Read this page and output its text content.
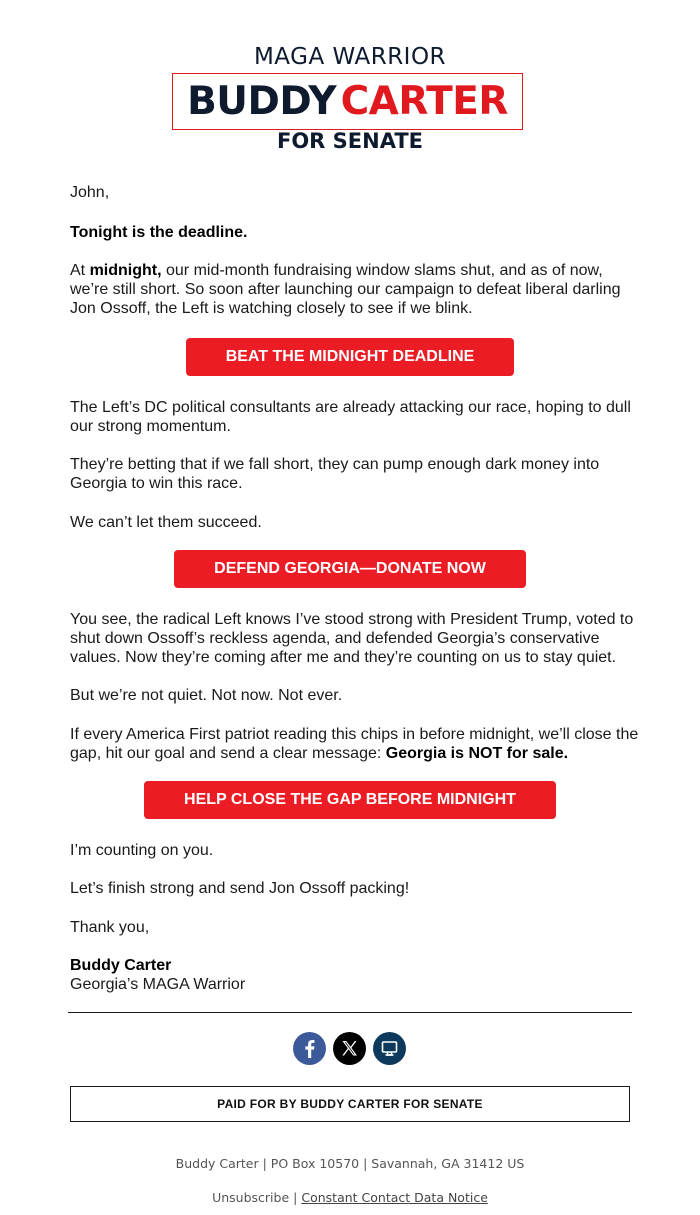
MAGA WARRIOR
BUDDY CARTER
FOR SENATE
John,
Tonight is the deadline.
At midnight, our mid-month fundraising window slams shut, and as of now, we’re still short. So soon after launching our campaign to defeat liberal darling Jon Ossoff, the Left is watching closely to see if we blink.
BEAT THE MIDNIGHT DEADLINE
The Left’s DC political consultants are already attacking our race, hoping to dull our strong momentum.
They’re betting that if we fall short, they can pump enough dark money into Georgia to win this race.
We can’t let them succeed.
DEFEND GEORGIA—DONATE NOW
You see, the radical Left knows I’ve stood strong with President Trump, voted to shut down Ossoff’s reckless agenda, and defended Georgia’s conservative values. Now they’re coming after me and they’re counting on us to stay quiet.
But we’re not quiet. Not now. Not ever.
If every America First patriot reading this chips in before midnight, we’ll close the gap, hit our goal and send a clear message: Georgia is NOT for sale.
HELP CLOSE THE GAP BEFORE MIDNIGHT
I’m counting on you.
Let’s finish strong and send Jon Ossoff packing!
Thank you,
Buddy Carter
Georgia’s MAGA Warrior
PAID FOR BY BUDDY CARTER FOR SENATE
Buddy Carter | PO Box 10570 | Savannah, GA 31412 US
Unsubscribe | Constant Contact Data Notice
